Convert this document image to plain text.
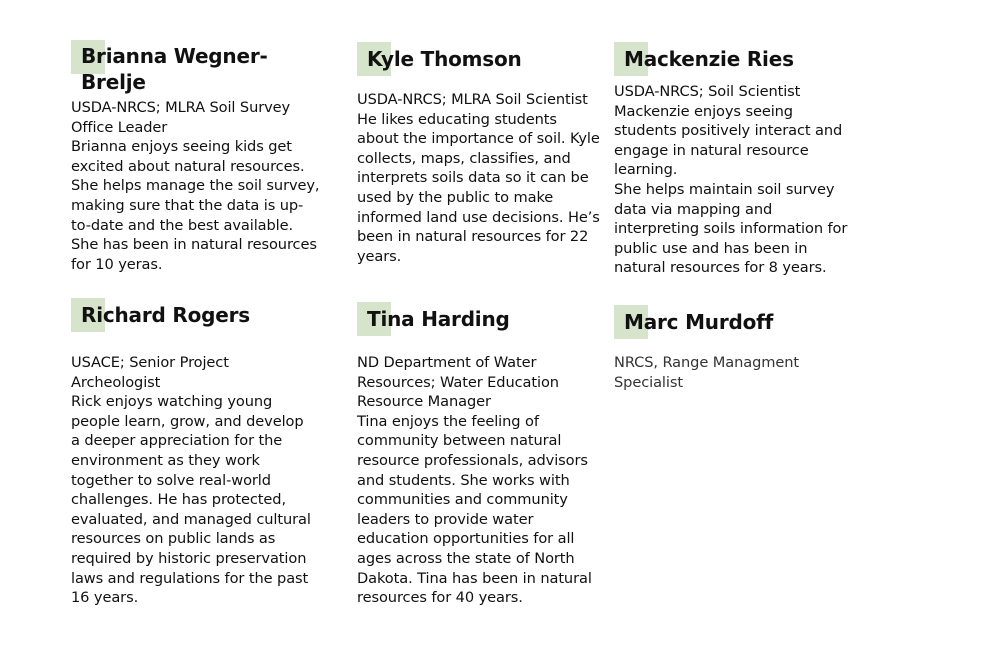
Brianna Wegner-Brelje

USDA-NRCS; MLRA Soil Survey Office Leader

Brianna enjoys seeing kids get excited about natural resources. She helps manage the soil survey, making sure that the data is up-to-date and the best available. She has been in natural resources for 10 yeras.

Kyle Thomson

USDA-NRCS; MLRA Soil Scientist

He likes educating students about the importance of soil. Kyle collects, maps, classifies, and interprets soils data so it can be used by the public to make informed land use decisions. He’s been in natural resources for 22 years.

Mackenzie Ries

USDA-NRCS; Soil Scientist

Mackenzie enjoys seeing students positively interact and engage in natural resource learning.

She helps maintain soil survey data via mapping and interpreting soils information for public use and has been in natural resources for 8 years.

Richard Rogers

USACE; Senior Project Archeologist

Rick enjoys watching young people learn, grow, and develop a deeper appreciation for the environment as they work together to solve real-world challenges. He has protected, evaluated, and managed cultural resources on public lands as required by historic preservation laws and regulations for the past 16 years.

Tina Harding

ND Department of Water Resources; Water Education Resource Manager

Tina enjoys the feeling of community between natural resource professionals, advisors and students. She works with communities and community leaders to provide water education opportunities for all ages across the state of North Dakota. Tina has been in natural resources for 40 years.

Marc Murdoff

NRCS, Range Managment Specialist
